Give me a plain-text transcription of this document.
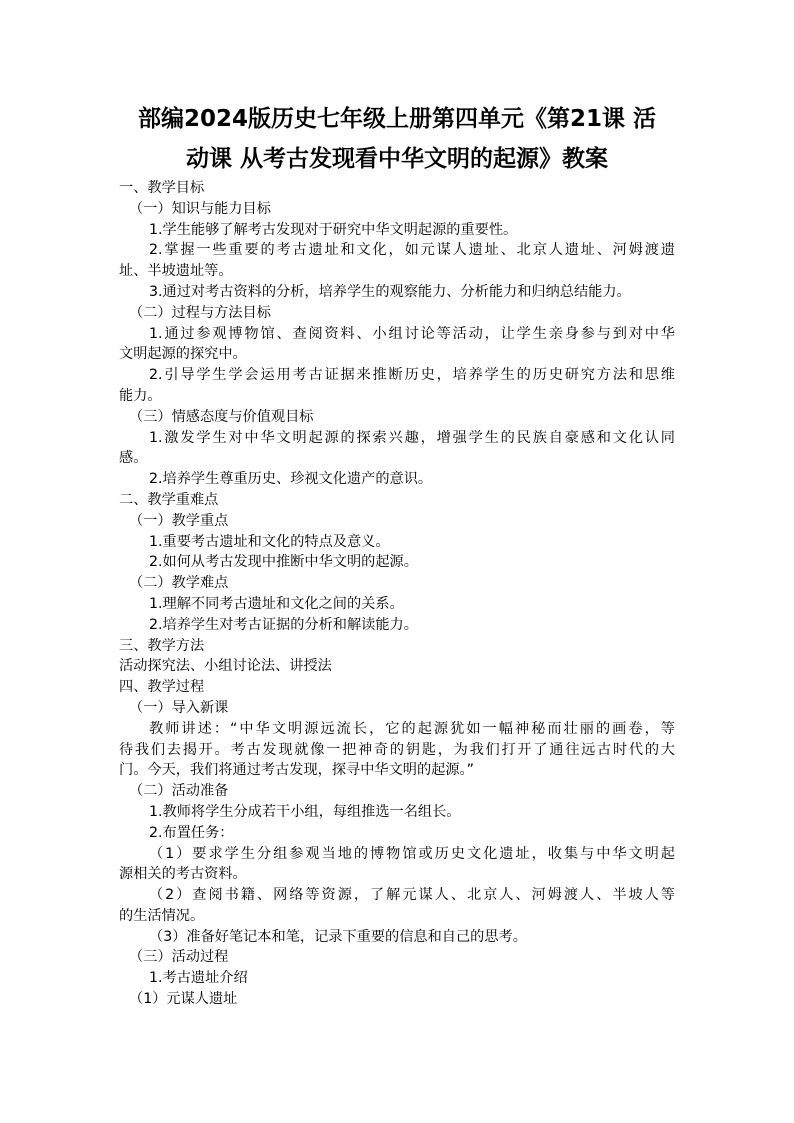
部编2024版历史七年级上册第四单元《第21课 活
动课 从考古发现看中华文明的起源》教案
一、教学目标
（一）知识与能力目标
1.学生能够了解考古发现对于研究中华文明起源的重要性。
2.掌握一些重要的考古遗址和文化，如元谋人遗址、北京人遗址、河姆渡遗
址、半坡遗址等。
3.通过对考古资料的分析，培养学生的观察能力、分析能力和归纳总结能力。
（二）过程与方法目标
1.通过参观博物馆、查阅资料、小组讨论等活动，让学生亲身参与到对中华
文明起源的探究中。
2.引导学生学会运用考古证据来推断历史，培养学生的历史研究方法和思维
能力。
（三）情感态度与价值观目标
1.激发学生对中华文明起源的探索兴趣，增强学生的民族自豪感和文化认同
感。
2.培养学生尊重历史、珍视文化遗产的意识。
二、教学重难点
（一）教学重点
1.重要考古遗址和文化的特点及意义。
2.如何从考古发现中推断中华文明的起源。
（二）教学难点
1.理解不同考古遗址和文化之间的关系。
2.培养学生对考古证据的分析和解读能力。
三、教学方法
活动探究法、小组讨论法、讲授法
四、教学过程
（一）导入新课
教师讲述：“中华文明源远流长，它的起源犹如一幅神秘而壮丽的画卷，等
待我们去揭开。考古发现就像一把神奇的钥匙，为我们打开了通往远古时代的大
门。今天，我们将通过考古发现，探寻中华文明的起源。”
（二）活动准备
1.教师将学生分成若干小组，每组推选一名组长。
2.布置任务：
（1）要求学生分组参观当地的博物馆或历史文化遗址，收集与中华文明起
源相关的考古资料。
（2）查阅书籍、网络等资源，了解元谋人、北京人、河姆渡人、半坡人等
的生活情况。
（3）准备好笔记本和笔，记录下重要的信息和自己的思考。
（三）活动过程
1.考古遗址介绍
（1）元谋人遗址
